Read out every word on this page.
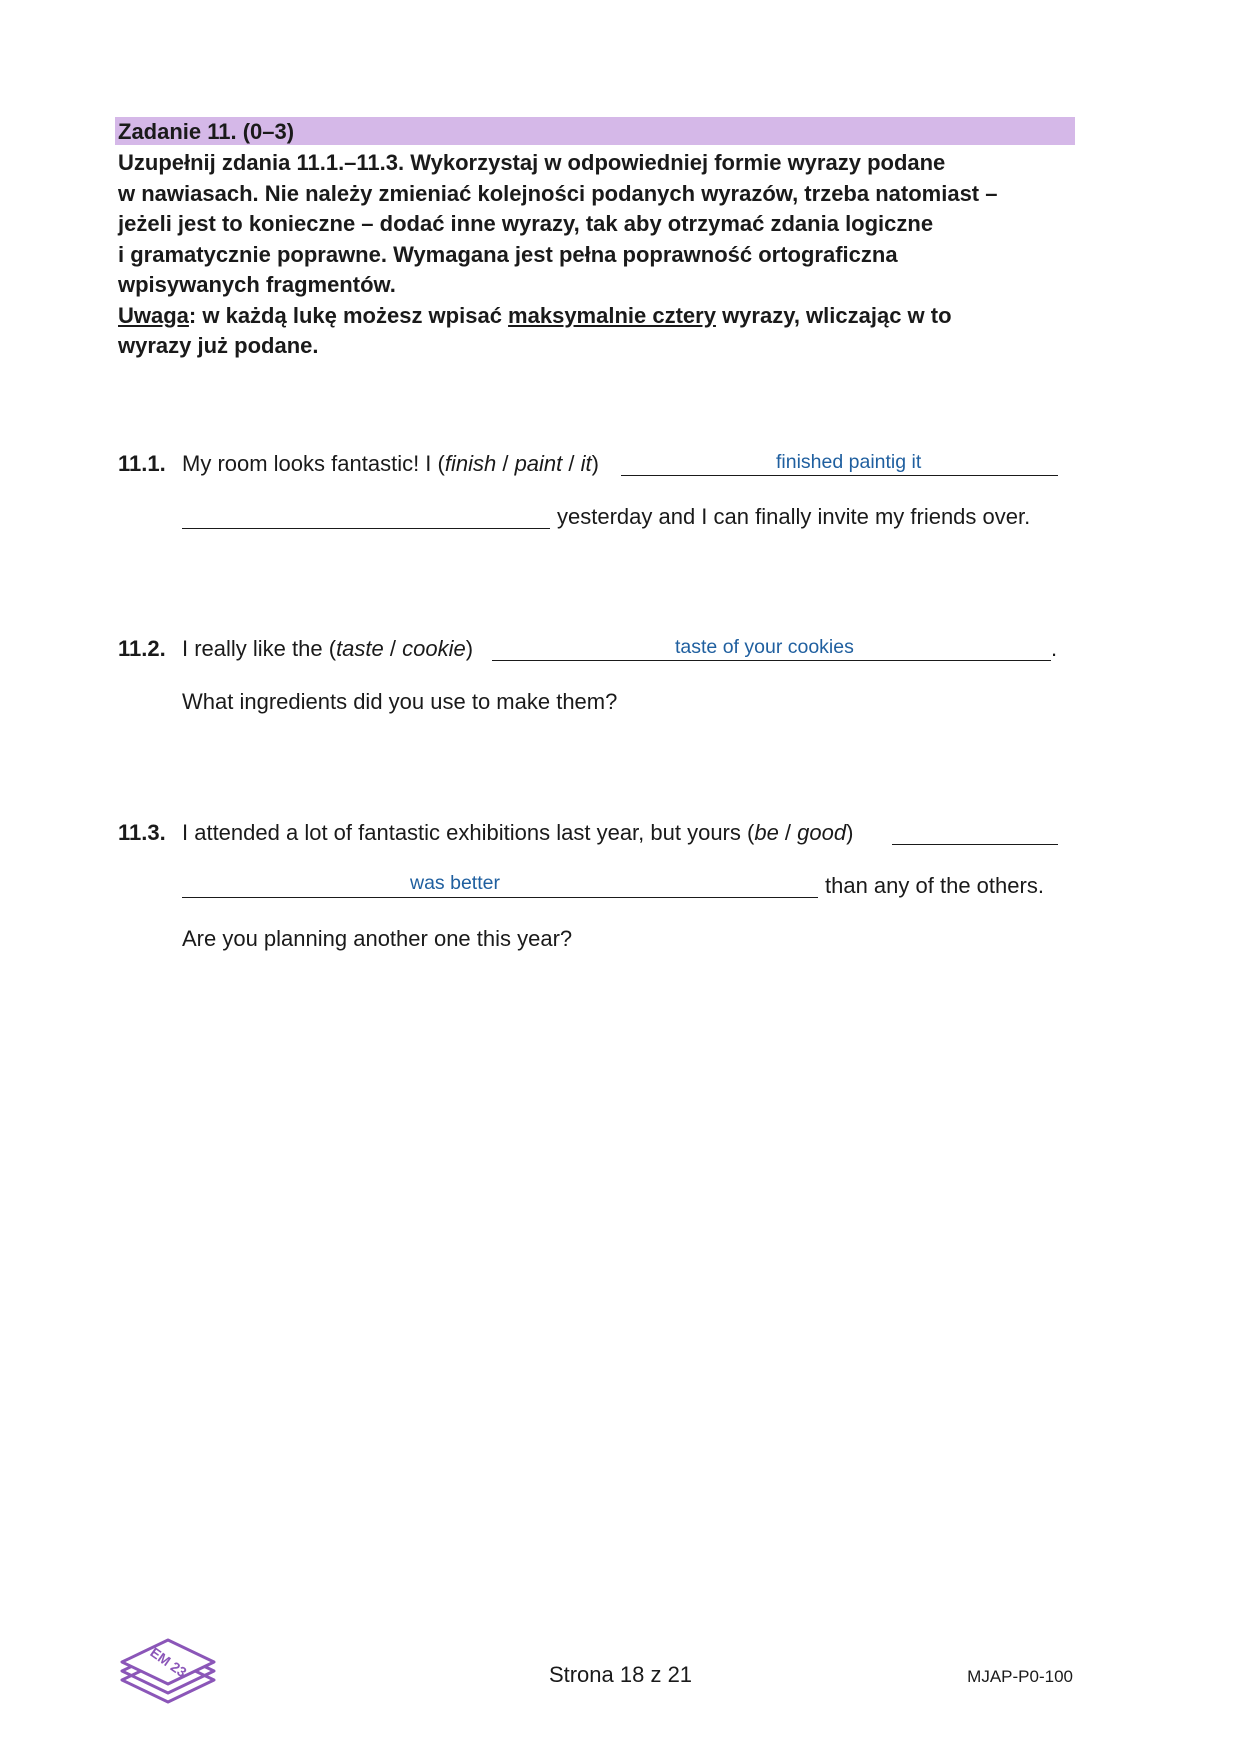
Zadanie 11. (0–3)
Uzupełnij zdania 11.1.–11.3. Wykorzystaj w odpowiedniej formie wyrazy podane
w nawiasach. Nie należy zmieniać kolejności podanych wyrazów, trzeba natomiast –
jeżeli jest to konieczne – dodać inne wyrazy, tak aby otrzymać zdania logiczne
i gramatycznie poprawne. Wymagana jest pełna poprawność ortograficzna
wpisywanych fragmentów.
Uwaga: w każdą lukę możesz wpisać maksymalnie cztery wyrazy, wliczając w to
wyrazy już podane.
11.1. My room looks fantastic! I (finish / paint / it)	finished paintig it
yesterday and I can finally invite my friends over.
11.2. I really like the (taste / cookie)	.
taste of your cookies
What ingredients did you use to make them?
11.3. I attended a lot of fantastic exhibitions last year, but yours (be / good)
was better	than any of the others.
Are you planning another one this year?
EM 23	Strona 18 z 21	MJAP-P0-100
